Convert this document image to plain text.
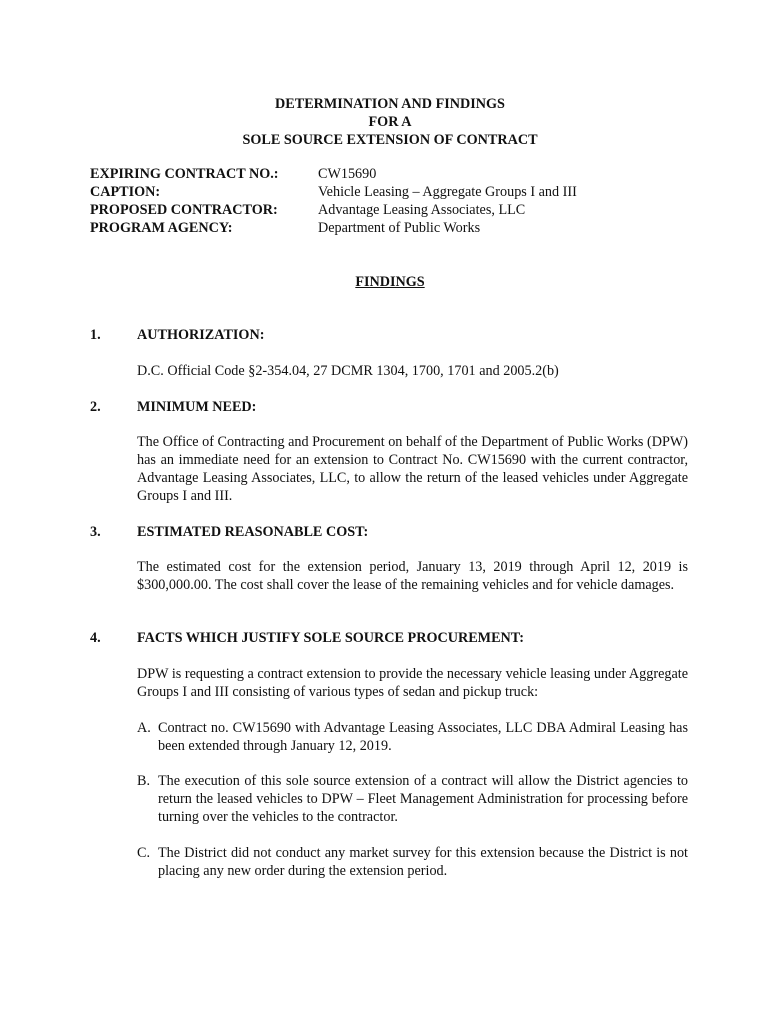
DETERMINATION AND FINDINGS
FOR A
SOLE SOURCE EXTENSION OF CONTRACT
EXPIRING CONTRACT NO.:	CW15690
CAPTION:	Vehicle Leasing – Aggregate Groups I and III
PROPOSED CONTRACTOR:	Advantage Leasing Associates, LLC
PROGRAM AGENCY:	Department of Public Works
FINDINGS
1.	AUTHORIZATION:
D.C. Official Code §2-354.04, 27 DCMR 1304, 1700, 1701 and 2005.2(b)
2.	MINIMUM NEED:
The Office of Contracting and Procurement on behalf of the Department of Public Works (DPW) has an immediate need for an extension to Contract No. CW15690 with the current contractor, Advantage Leasing Associates, LLC, to allow the return of the leased vehicles under Aggregate Groups I and III.
3.	ESTIMATED REASONABLE COST:
The estimated cost for the extension period, January 13, 2019 through April 12, 2019 is $300,000.00. The cost shall cover the lease of the remaining vehicles and for vehicle damages.
4.	FACTS WHICH JUSTIFY SOLE SOURCE PROCUREMENT:
DPW is requesting a contract extension to provide the necessary vehicle leasing under Aggregate Groups I and III consisting of various types of sedan and pickup truck:
A. Contract no. CW15690 with Advantage Leasing Associates, LLC DBA Admiral Leasing has been extended through January 12, 2019.
B. The execution of this sole source extension of a contract will allow the District agencies to return the leased vehicles to DPW – Fleet Management Administration for processing before turning over the vehicles to the contractor.
C. The District did not conduct any market survey for this extension because the District is not placing any new order during the extension period.
